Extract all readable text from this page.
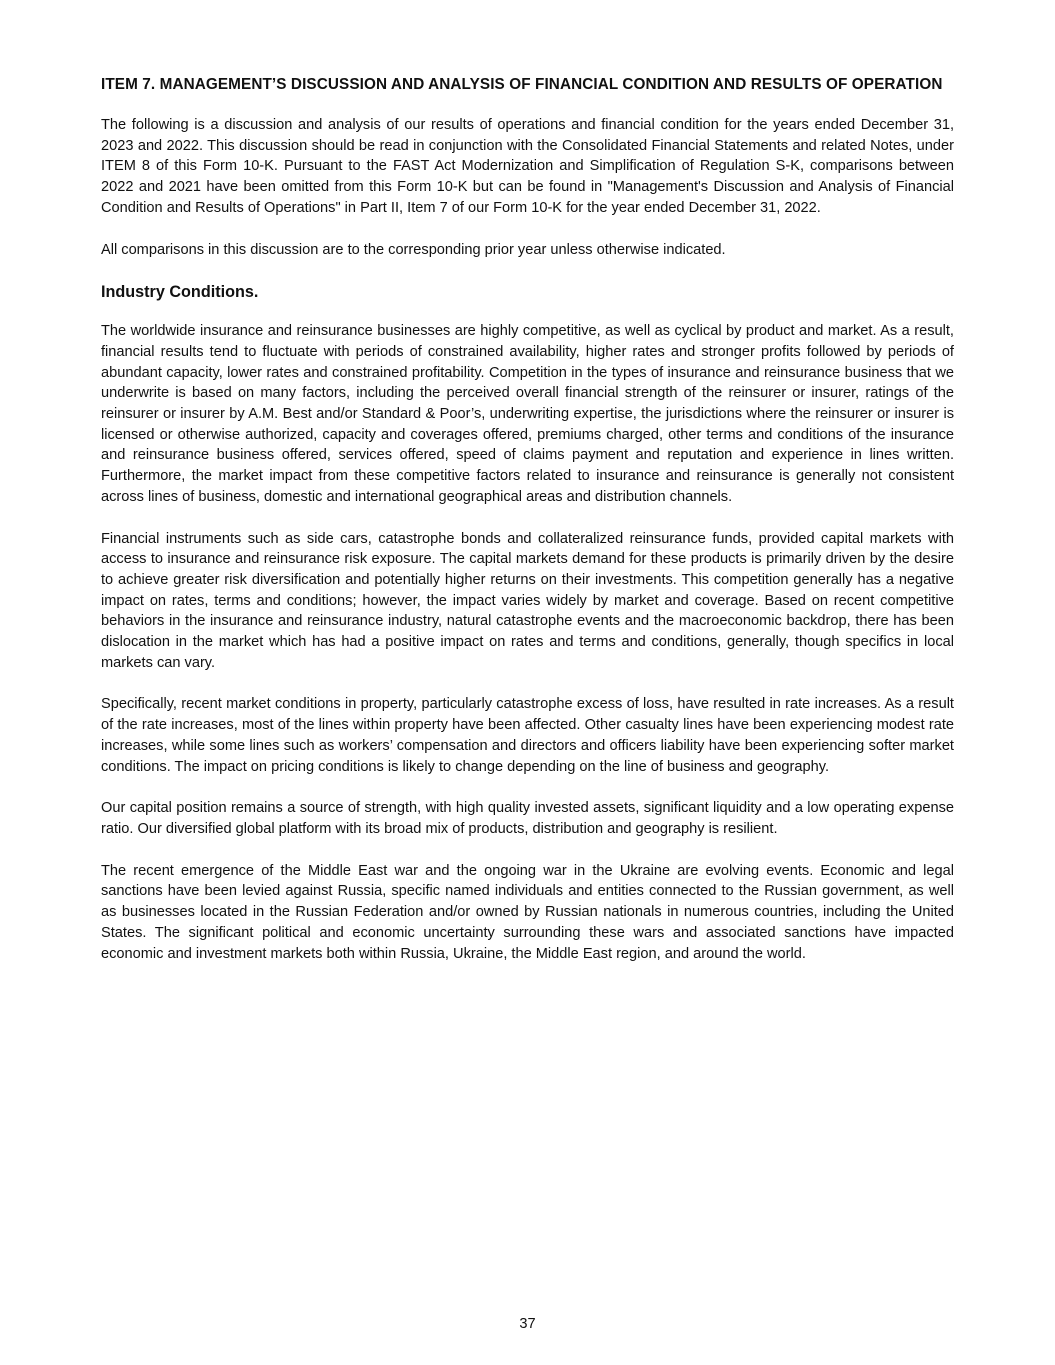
ITEM 7. MANAGEMENT’S DISCUSSION AND ANALYSIS OF FINANCIAL CONDITION AND RESULTS OF OPERATION

The following is a discussion and analysis of our results of operations and financial condition for the years ended December 31, 2023 and 2022. This discussion should be read in conjunction with the Consolidated Financial Statements and related Notes, under ITEM 8 of this Form 10-K. Pursuant to the FAST Act Modernization and Simplification of Regulation S-K, comparisons between 2022 and 2021 have been omitted from this Form 10-K but can be found in "Management's Discussion and Analysis of Financial Condition and Results of Operations" in Part II, Item 7 of our Form 10-K for the year ended December 31, 2022.

All comparisons in this discussion are to the corresponding prior year unless otherwise indicated.

Industry Conditions.

The worldwide insurance and reinsurance businesses are highly competitive, as well as cyclical by product and market. As a result, financial results tend to fluctuate with periods of constrained availability, higher rates and stronger profits followed by periods of abundant capacity, lower rates and constrained profitability. Competition in the types of insurance and reinsurance business that we underwrite is based on many factors, including the perceived overall financial strength of the reinsurer or insurer, ratings of the reinsurer or insurer by A.M. Best and/or Standard & Poor’s, underwriting expertise, the jurisdictions where the reinsurer or insurer is licensed or otherwise authorized, capacity and coverages offered, premiums charged, other terms and conditions of the insurance and reinsurance business offered, services offered, speed of claims payment and reputation and experience in lines written. Furthermore, the market impact from these competitive factors related to insurance and reinsurance is generally not consistent across lines of business, domestic and international geographical areas and distribution channels.

Financial instruments such as side cars, catastrophe bonds and collateralized reinsurance funds, provided capital markets with access to insurance and reinsurance risk exposure. The capital markets demand for these products is primarily driven by the desire to achieve greater risk diversification and potentially higher returns on their investments. This competition generally has a negative impact on rates, terms and conditions; however, the impact varies widely by market and coverage. Based on recent competitive behaviors in the insurance and reinsurance industry, natural catastrophe events and the macroeconomic backdrop, there has been dislocation in the market which has had a positive impact on rates and terms and conditions, generally, though specifics in local markets can vary.

Specifically, recent market conditions in property, particularly catastrophe excess of loss, have resulted in rate increases. As a result of the rate increases, most of the lines within property have been affected. Other casualty lines have been experiencing modest rate increases, while some lines such as workers’ compensation and directors and officers liability have been experiencing softer market conditions. The impact on pricing conditions is likely to change depending on the line of business and geography.

Our capital position remains a source of strength, with high quality invested assets, significant liquidity and a low operating expense ratio. Our diversified global platform with its broad mix of products, distribution and geography is resilient.

The recent emergence of the Middle East war and the ongoing war in the Ukraine are evolving events. Economic and legal sanctions have been levied against Russia, specific named individuals and entities connected to the Russian government, as well as businesses located in the Russian Federation and/or owned by Russian nationals in numerous countries, including the United States. The significant political and economic uncertainty surrounding these wars and associated sanctions have impacted economic and investment markets both within Russia, Ukraine, the Middle East region, and around the world.

37
